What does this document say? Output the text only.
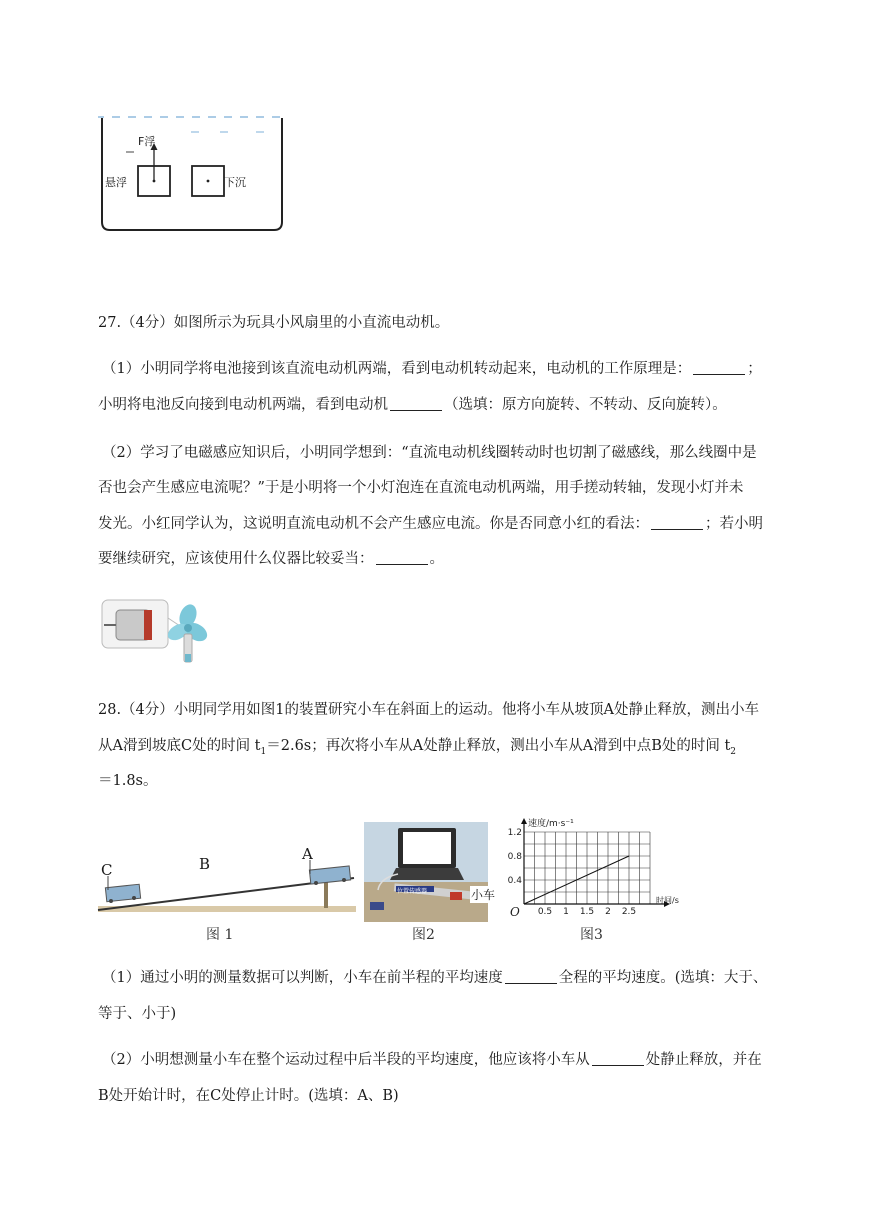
F浮
悬浮	下沉
27.（4分）如图所示为玩具小风扇里的小直流电动机。
（1）小明同学将电池接到该直流电动机两端，看到电动机转动起来，电动机的工作原理是：	；
小明将电池反向接到电动机两端，看到电动机	（选填：原方向旋转、不转动、反向旋转）。
（2）学习了电磁感应知识后，小明同学想到：“直流电动机线圈转动时也切割了磁感线，那么线圈中是
否也会产生感应电流呢？”于是小明将一个小灯泡连在直流电动机两端，用手搓动转轴，发现小灯并未
发光。小红同学认为，这说明直流电动机不会产生感应电流。你是否同意小红的看法：	；若小明
要继续研究，应该使用什么仪器比较妥当：	。
28.（4分）小明同学用如图1的装置研究小车在斜面上的运动。他将小车从坡顶A处静止释放，测出小车
从A滑到坡底C处的时间 $t_1=2.6s$；再次将小车从A处静止释放，测出小车从A滑到中点B处的时间 $t_2$
＝1.8s。
C	B
A
图 1
位置传感器	小车
图2
0.5 1 1.5 2 2.5
0.4
0.8
1.2
速度/m·s⁻¹
时间/s
O
图3
（1）通过小明的测量数据可以判断，小车在前半程的平均速度	全程的平均速度。(选填：大于、
等于、小于)
（2）小明想测量小车在整个运动过程中后半段的平均速度，他应该将小车从	处静止释放，并在
B处开始计时，在C处停止计时。(选填：A、B)
